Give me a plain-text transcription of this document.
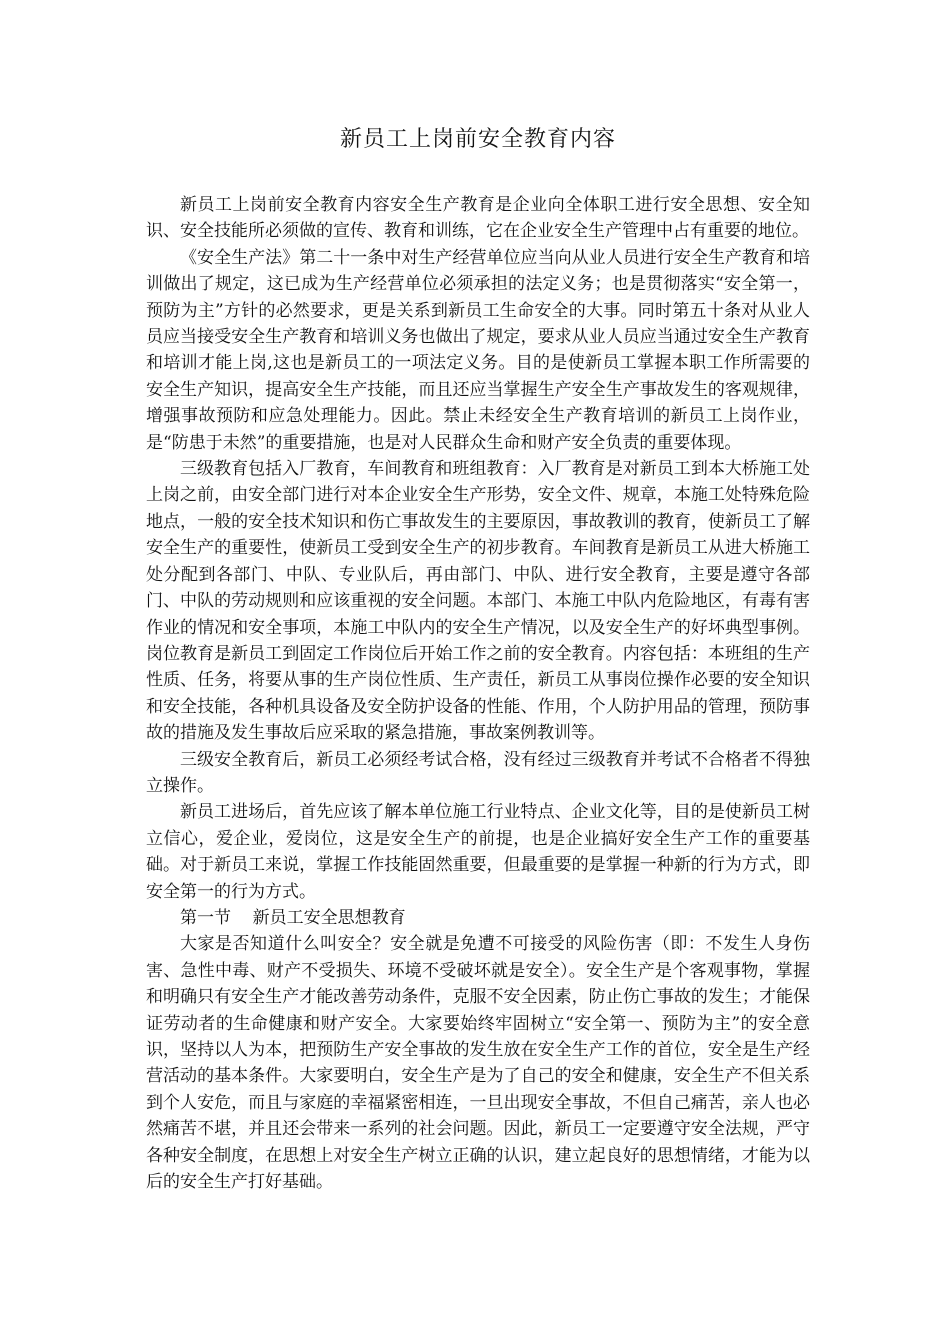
新员工上岗前安全教育内容

新员工上岗前安全教育内容安全生产教育是企业向全体职工进行安全思想、安全知识、安全技能所必须做的宣传、教育和训练，它在企业安全生产管理中占有重要的地位。

《安全生产法》第二十一条中对生产经营单位应当向从业人员进行安全生产教育和培训做出了规定，这已成为生产经营单位必须承担的法定义务；也是贯彻落实“安全第一，预防为主”方针的必然要求，更是关系到新员工生命安全的大事。同时第五十条对从业人员应当接受安全生产教育和培训义务也做出了规定，要求从业人员应当通过安全生产教育和培训才能上岗,这也是新员工的一项法定义务。目的是使新员工掌握本职工作所需要的安全生产知识，提高安全生产技能，而且还应当掌握生产安全生产事故发生的客观规律，增强事故预防和应急处理能力。因此。禁止未经安全生产教育培训的新员工上岗作业，是“防患于未然”的重要措施，也是对人民群众生命和财产安全负责的重要体现。

三级教育包括入厂教育，车间教育和班组教育：入厂教育是对新员工到本大桥施工处上岗之前，由安全部门进行对本企业安全生产形势，安全文件、规章，本施工处特殊危险地点，一般的安全技术知识和伤亡事故发生的主要原因，事故教训的教育，使新员工了解安全生产的重要性，使新员工受到安全生产的初步教育。车间教育是新员工从进大桥施工处分配到各部门、中队、专业队后，再由部门、中队、进行安全教育，主要是遵守各部门、中队的劳动规则和应该重视的安全问题。本部门、本施工中队内危险地区，有毒有害作业的情况和安全事项，本施工中队内的安全生产情况，以及安全生产的好坏典型事例。岗位教育是新员工到固定工作岗位后开始工作之前的安全教育。内容包括：本班组的生产性质、任务，将要从事的生产岗位性质、生产责任，新员工从事岗位操作必要的安全知识和安全技能，各种机具设备及安全防护设备的性能、作用，个人防护用品的管理，预防事故的措施及发生事故后应采取的紧急措施，事故案例教训等。

三级安全教育后，新员工必须经考试合格，没有经过三级教育并考试不合格者不得独立操作。

新员工进场后，首先应该了解本单位施工行业特点、企业文化等，目的是使新员工树立信心，爱企业，爱岗位，这是安全生产的前提，也是企业搞好安全生产工作的重要基础。对于新员工来说，掌握工作技能固然重要，但最重要的是掌握一种新的行为方式，即安全第一的行为方式。

第一节    新员工安全思想教育

大家是否知道什么叫安全？安全就是免遭不可接受的风险伤害（即：不发生人身伤害、急性中毒、财产不受损失、环境不受破坏就是安全）。安全生产是个客观事物，掌握和明确只有安全生产才能改善劳动条件，克服不安全因素，防止伤亡事故的发生；才能保证劳动者的生命健康和财产安全。大家要始终牢固树立“安全第一、预防为主”的安全意识，坚持以人为本，把预防生产安全事故的发生放在安全生产工作的首位，安全是生产经营活动的基本条件。大家要明白，安全生产是为了自己的安全和健康，安全生产不但关系到个人安危，而且与家庭的幸福紧密相连，一旦出现安全事故，不但自己痛苦，亲人也必然痛苦不堪，并且还会带来一系列的社会问题。因此，新员工一定要遵守安全法规，严守各种安全制度，在思想上对安全生产树立正确的认识，建立起良好的思想情绪，才能为以后的安全生产打好基础。
